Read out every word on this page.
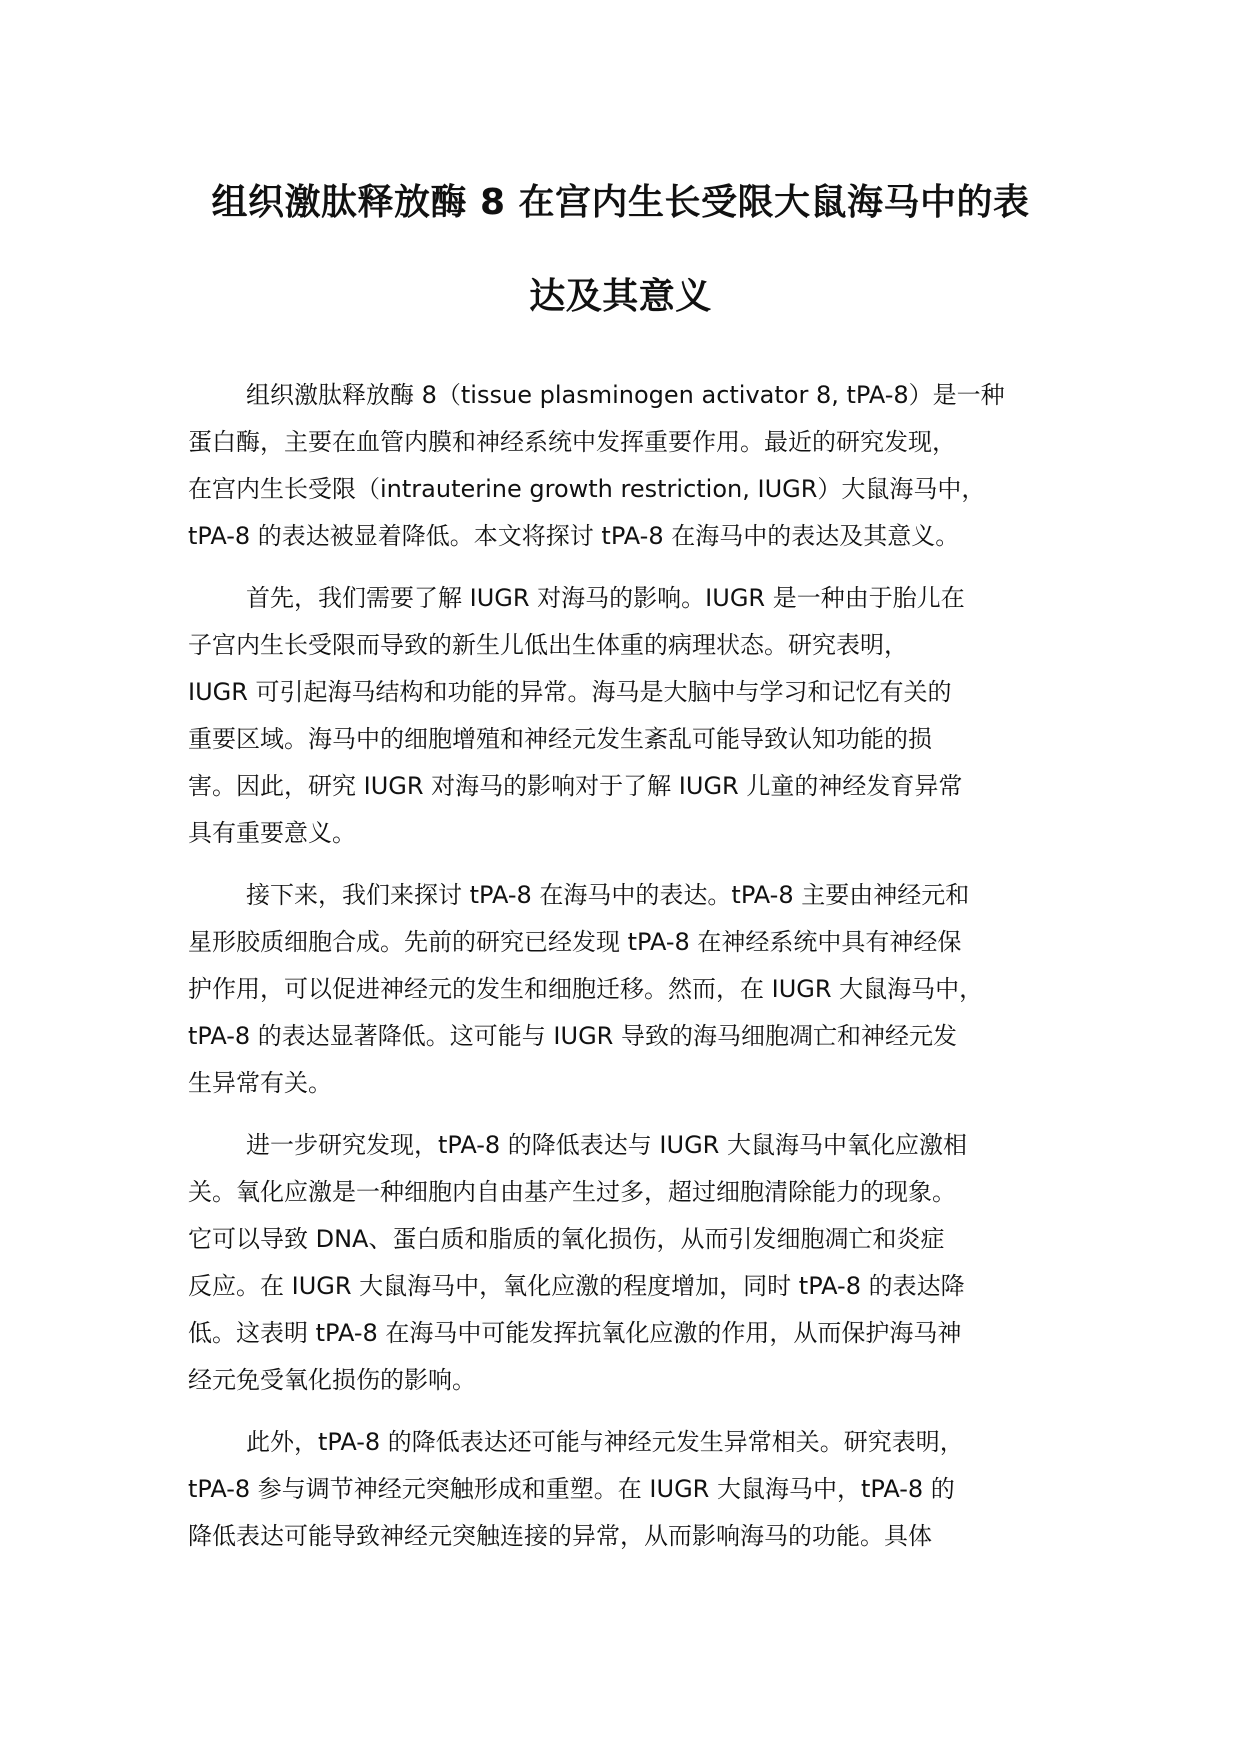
组织激肽释放酶 8 在宫内生长受限大鼠海马中的表
达及其意义
组织激肽释放酶 8（tissue plasminogen activator 8, tPA-8）是一种
蛋白酶，主要在血管内膜和神经系统中发挥重要作用。最近的研究发现，
在宫内生长受限（intrauterine growth restriction, IUGR）大鼠海马中，
tPA-8 的表达被显着降低。本文将探讨 tPA-8 在海马中的表达及其意义。
首先，我们需要了解 IUGR 对海马的影响。IUGR 是一种由于胎儿在
子宫内生长受限而导致的新生儿低出生体重的病理状态。研究表明，
IUGR 可引起海马结构和功能的异常。海马是大脑中与学习和记忆有关的
重要区域。海马中的细胞增殖和神经元发生紊乱可能导致认知功能的损
害。因此，研究 IUGR 对海马的影响对于了解 IUGR 儿童的神经发育异常
具有重要意义。
接下来，我们来探讨 tPA-8 在海马中的表达。tPA-8 主要由神经元和
星形胶质细胞合成。先前的研究已经发现 tPA-8 在神经系统中具有神经保
护作用，可以促进神经元的发生和细胞迁移。然而，在 IUGR 大鼠海马中，
tPA-8 的表达显著降低。这可能与 IUGR 导致的海马细胞凋亡和神经元发
生异常有关。
进一步研究发现，tPA-8 的降低表达与 IUGR 大鼠海马中氧化应激相
关。氧化应激是一种细胞内自由基产生过多，超过细胞清除能力的现象。
它可以导致 DNA、蛋白质和脂质的氧化损伤，从而引发细胞凋亡和炎症
反应。在 IUGR 大鼠海马中，氧化应激的程度增加，同时 tPA-8 的表达降
低。这表明 tPA-8 在海马中可能发挥抗氧化应激的作用，从而保护海马神
经元免受氧化损伤的影响。
此外，tPA-8 的降低表达还可能与神经元发生异常相关。研究表明，
tPA-8 参与调节神经元突触形成和重塑。在 IUGR 大鼠海马中，tPA-8 的
降低表达可能导致神经元突触连接的异常，从而影响海马的功能。具体
